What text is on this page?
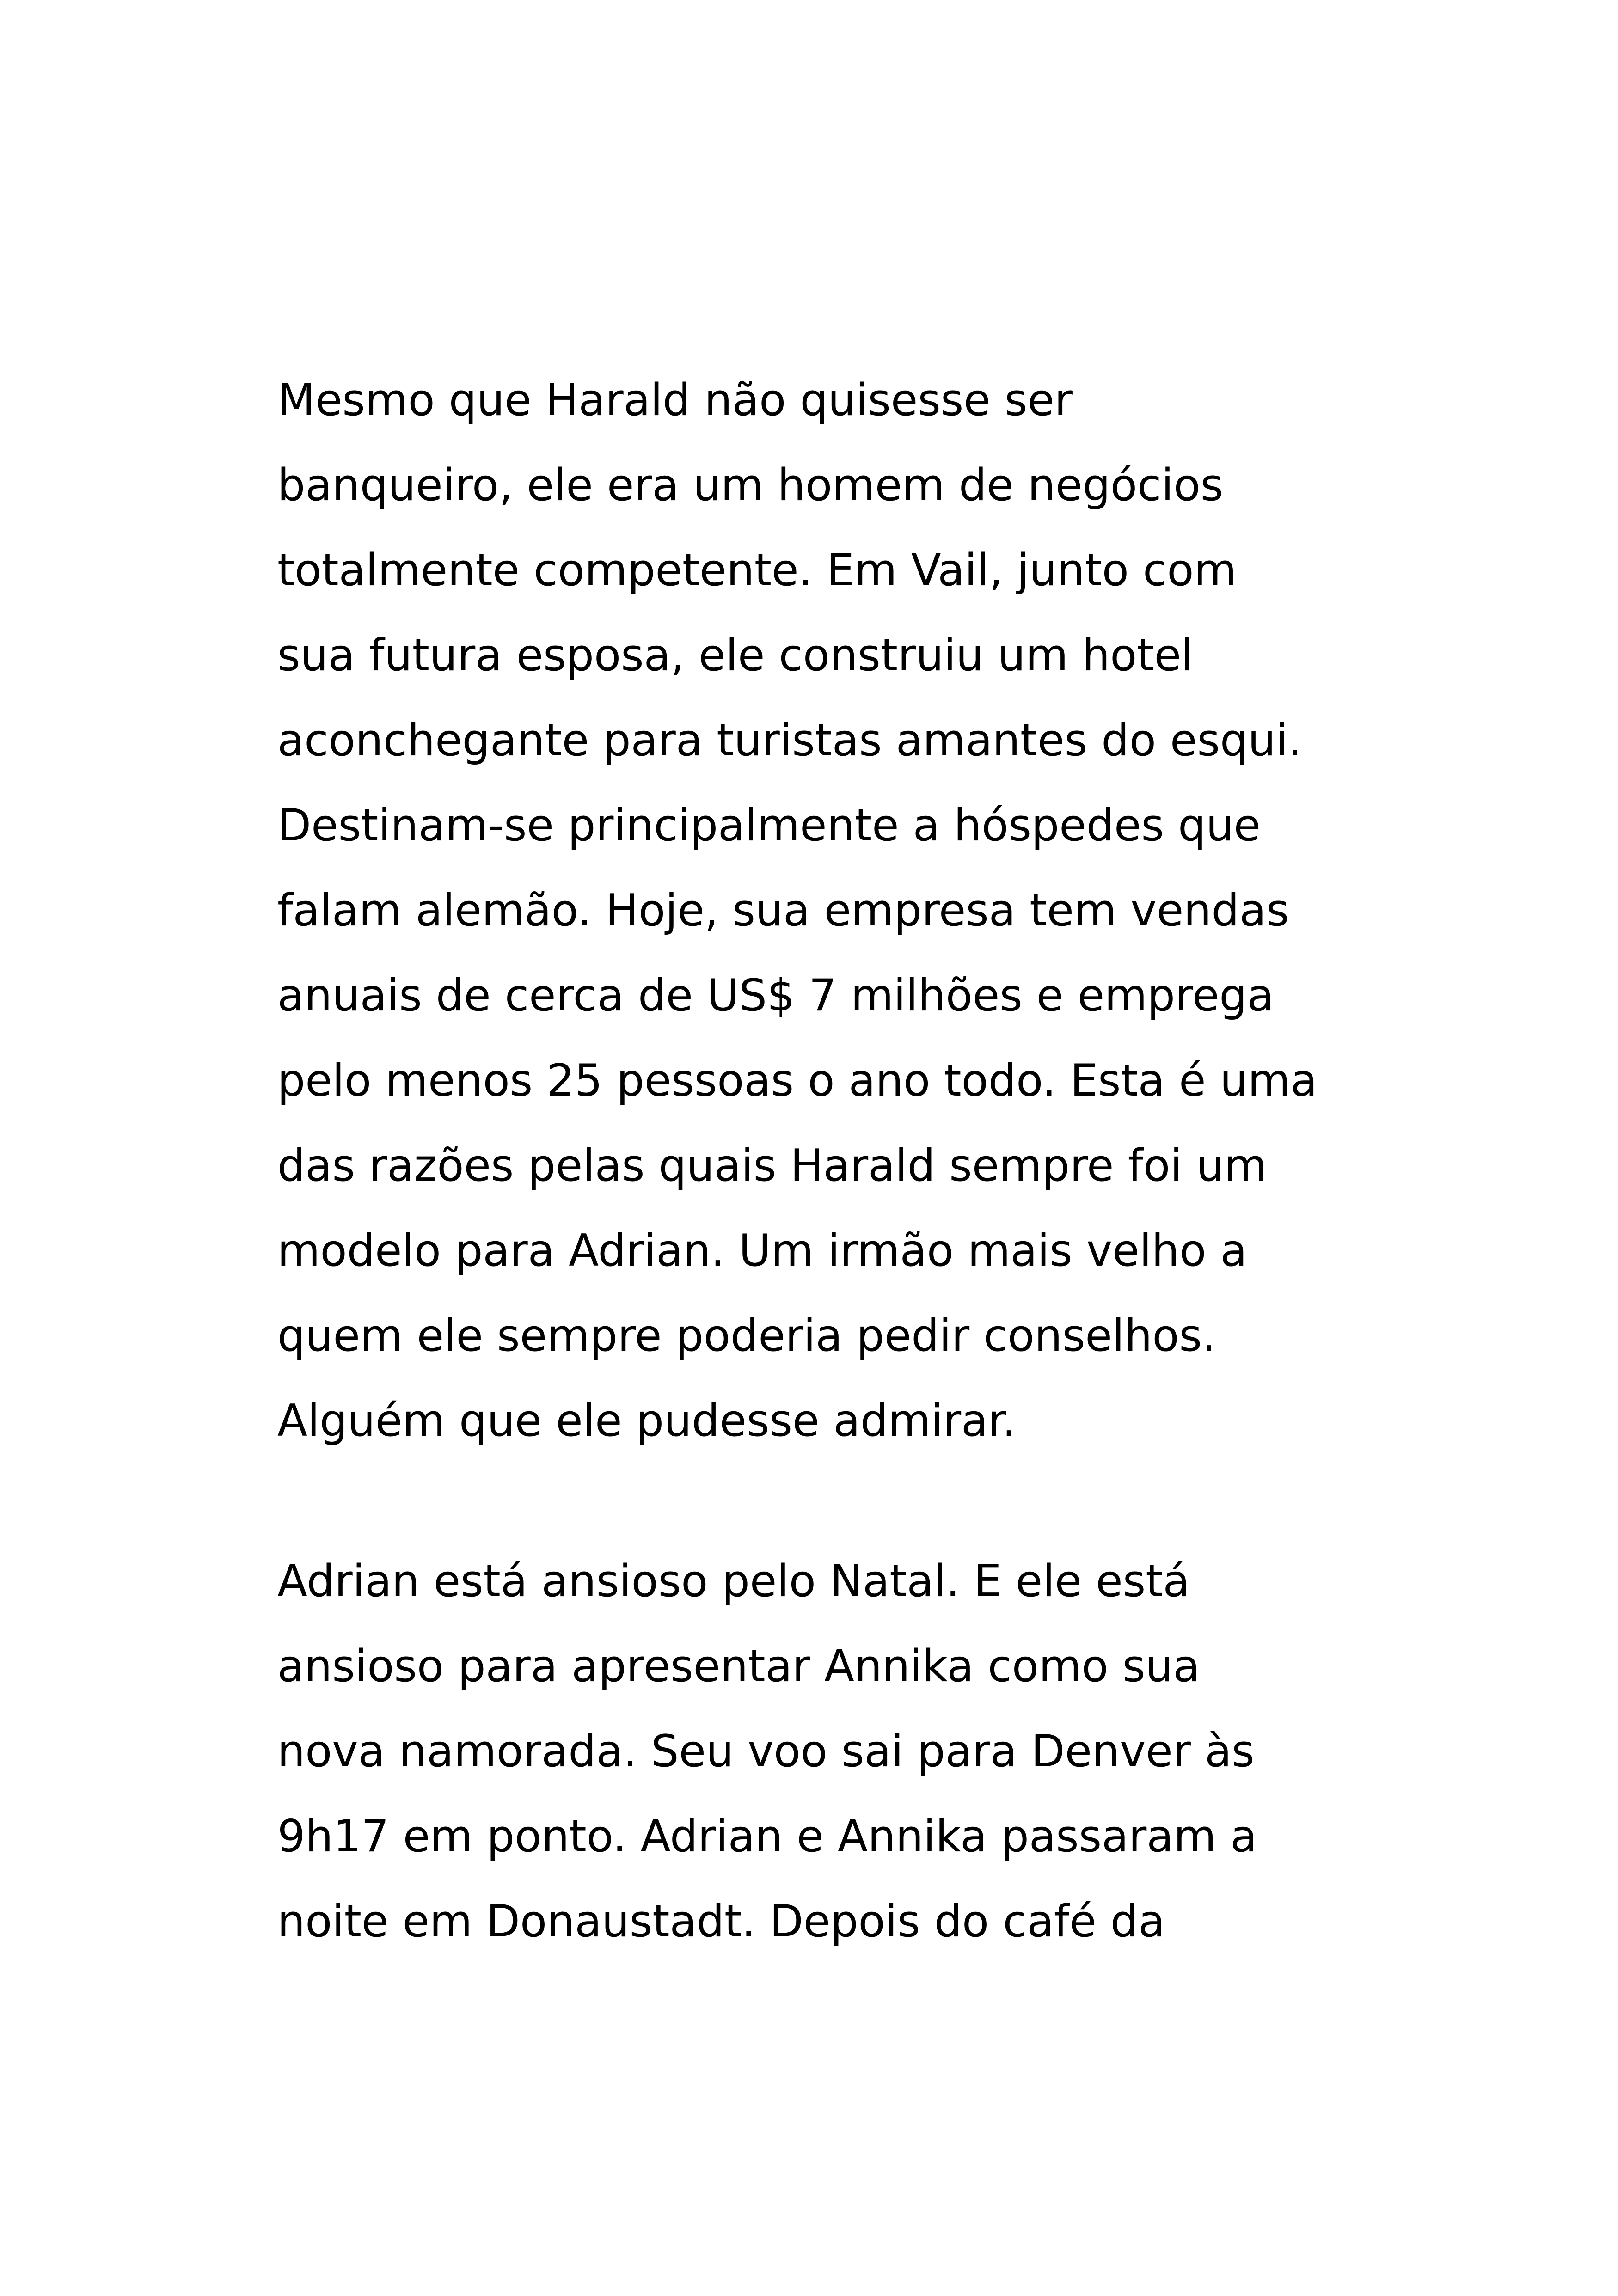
Mesmo que Harald não quisesse ser
banqueiro, ele era um homem de negócios
totalmente competente. Em Vail, junto com
sua futura esposa, ele construiu um hotel
aconchegante para turistas amantes do esqui.
Destinam-se principalmente a hóspedes que
falam alemão. Hoje, sua empresa tem vendas
anuais de cerca de US$ 7 milhões e emprega
pelo menos 25 pessoas o ano todo. Esta é uma
das razões pelas quais Harald sempre foi um
modelo para Adrian. Um irmão mais velho a
quem ele sempre poderia pedir conselhos.
Alguém que ele pudesse admirar.
Adrian está ansioso pelo Natal. E ele está
ansioso para apresentar Annika como sua
nova namorada. Seu voo sai para Denver às
9h17 em ponto. Adrian e Annika passaram a
noite em Donaustadt. Depois do café da
